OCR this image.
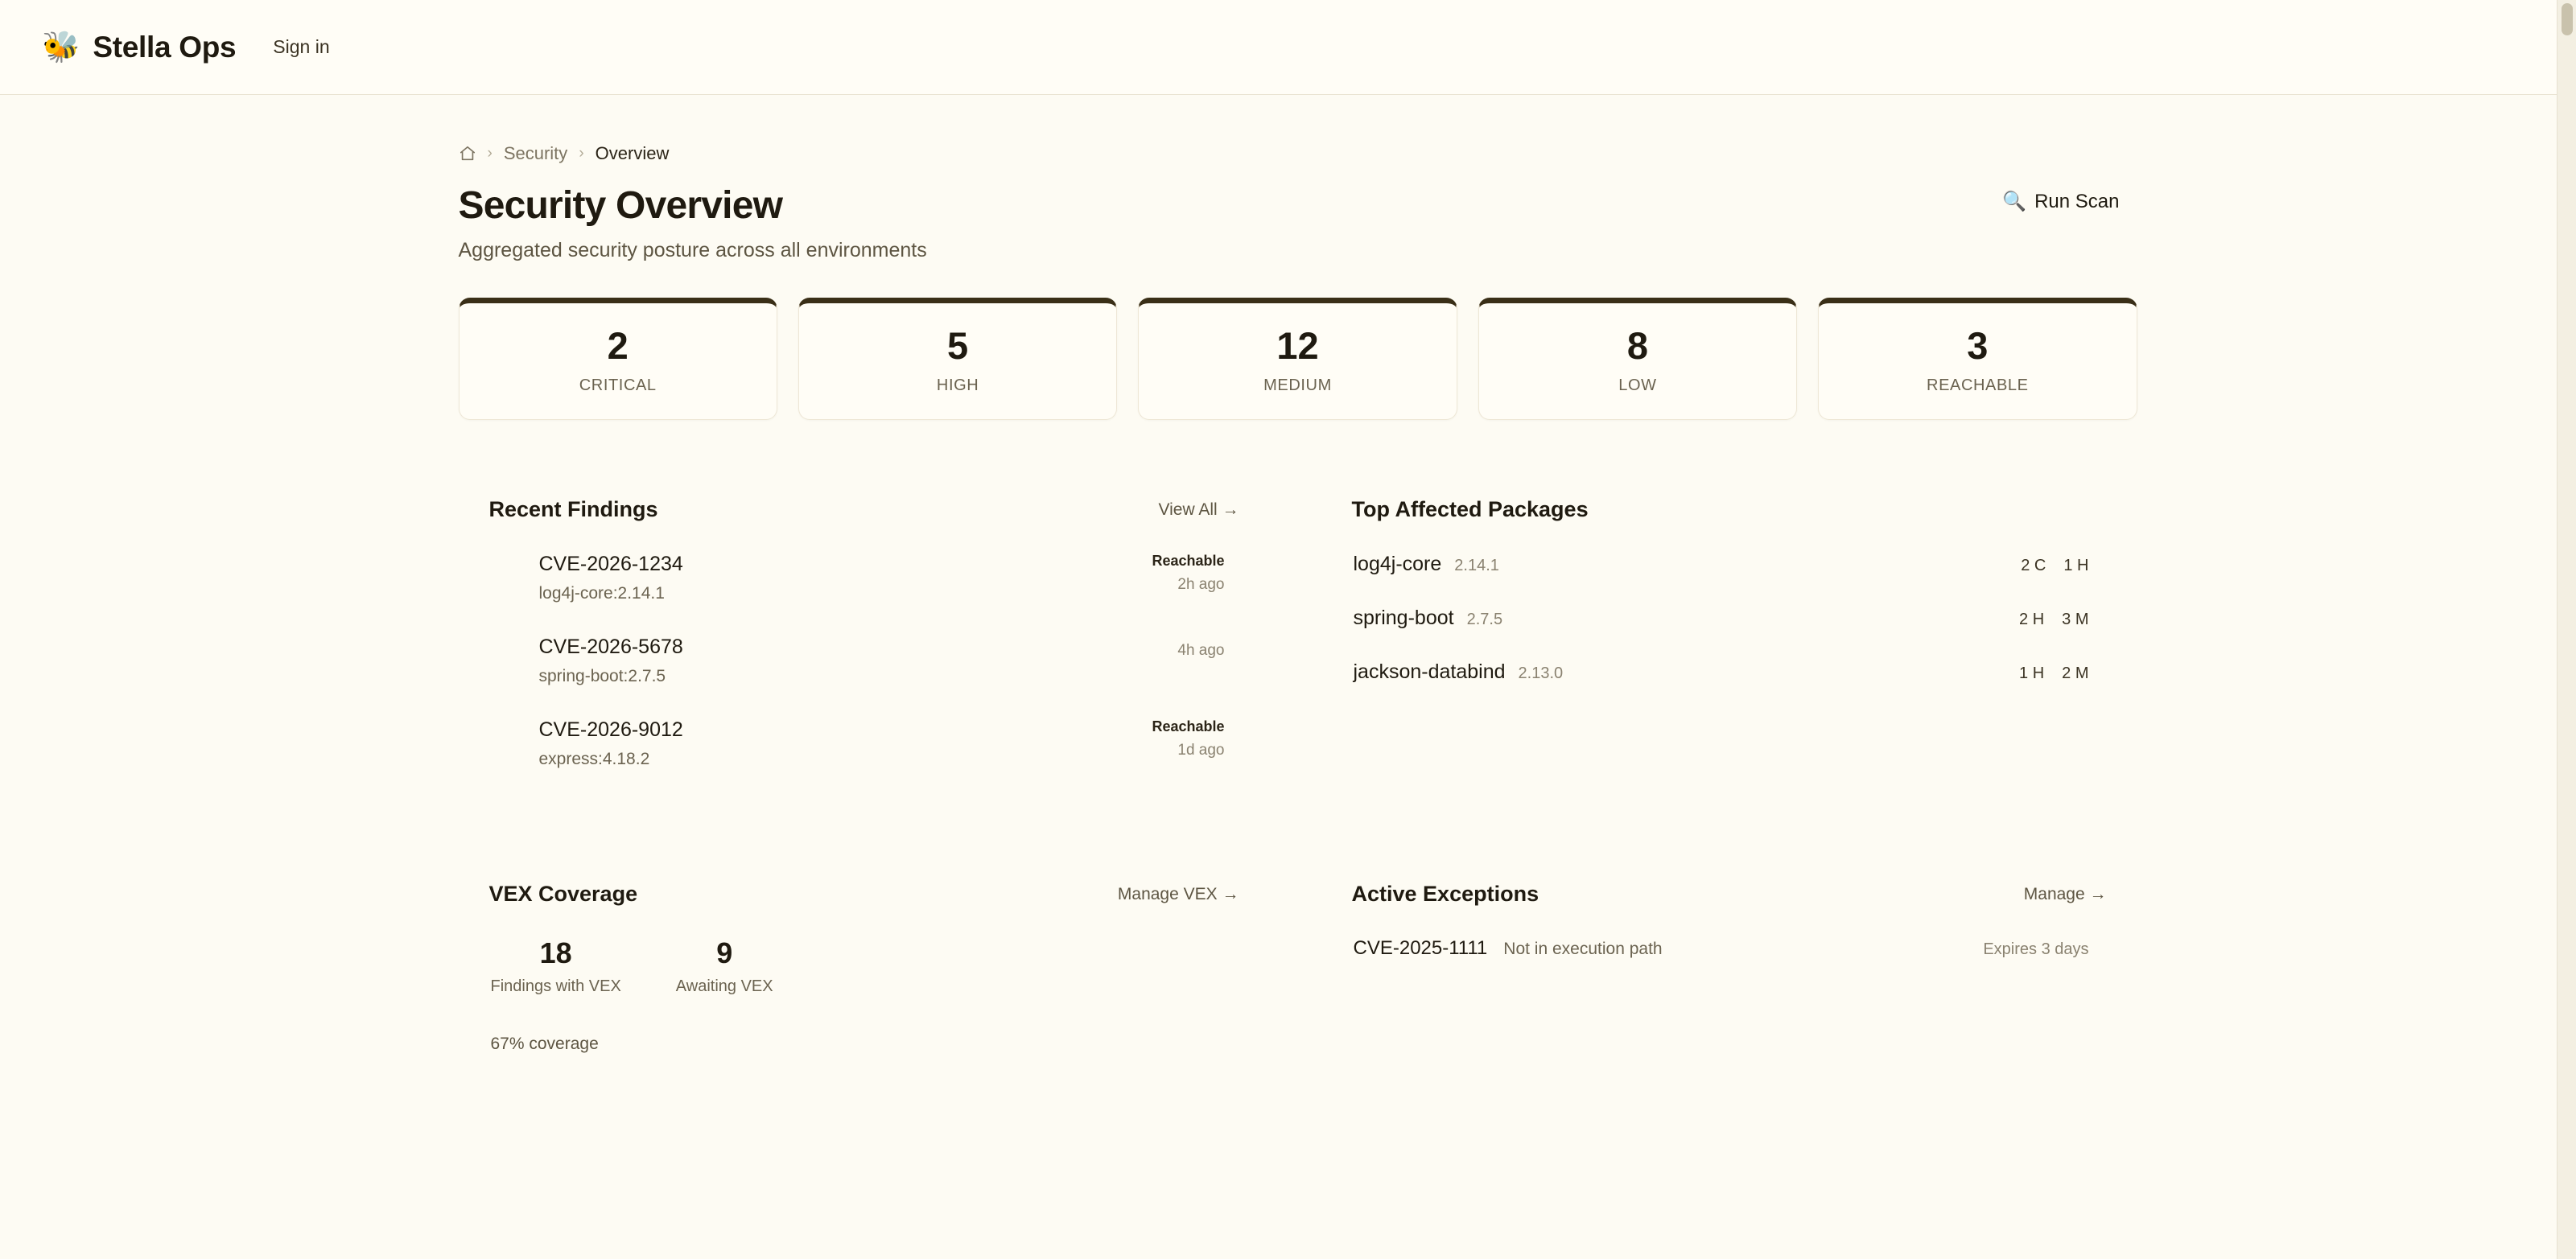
🐝 Stella Ops	Sign in
› Security › Overview
Security Overview
Aggregated security posture across all environments
🔍 Run Scan
2
CRITICAL
5
HIGH
12
MEDIUM
8
LOW
3
REACHABLE
Recent Findings	View All →
CVE-2026-1234
log4j-core:2.14.1
Reachable
2h ago
CVE-2026-5678
spring-boot:2.7.5
4h ago
CVE-2026-9012
express:4.18.2
Reachable
1d ago
Top Affected Packages
log4j-core 2.14.1	2 C 1 H
spring-boot 2.7.5	2 H 3 M
jackson-databind 2.13.0	1 H 2 M
VEX Coverage	Manage VEX →
18
Findings with VEX
9
Awaiting VEX
67% coverage
Active Exceptions	Manage →
CVE-2025-1111 Not in execution path	Expires 3 days
